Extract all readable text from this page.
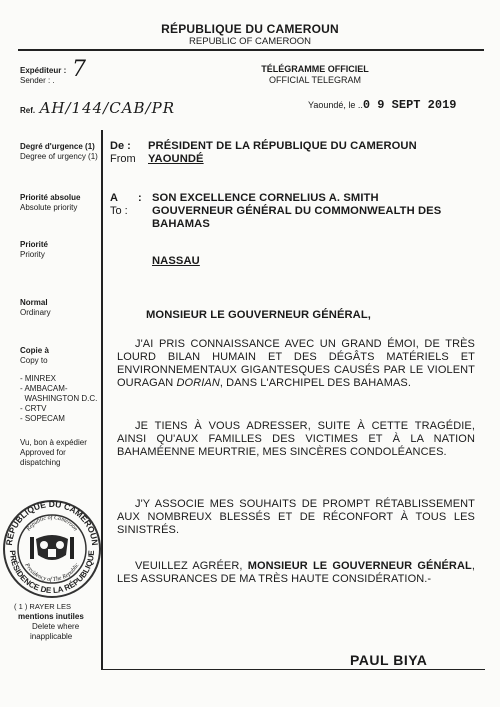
RÉPUBLIQUE DU CAMEROUN
REPUBLIC OF CAMEROON
TÉLÉGRAMME OFFICIEL
OFFICIAL TELEGRAM
Yaoundé, le ..0 9 SEPT 2019
Expéditeur :
Sender : . 7
Ref. AH/144/CAB/PR
Degré d'urgence (1)
Degree of urgency (1)
Priorité absolue
Absolute priority
Priorité
Priority
Normal
Ordinary
Copie à
Copy to
- MINREX
- AMBACAM-
WASHINGTON D.C.
- CRTV
- SOPECAM
Vu, bon à expédier
Approved for
dispatching
RÉPUBLIQUE DU CAMEROUN
PRÉSIDENCE DE LA RÉPUBLIQUE
Republic of Cameroon
Presidency of The Republic
( 1 ) RAYER LES
mentions inutiles
Delete where
inapplicable
De :
From
PRÉSIDENT DE LA RÉPUBLIQUE DU CAMEROUN
YAOUNDÉ
A :
To :
SON EXCELLENCE CORNELIUS A. SMITH
GOUVERNEUR GÉNÉRAL DU COMMONWEALTH DES
BAHAMAS
NASSAU
MONSIEUR LE GOUVERNEUR GÉNÉRAL,
J'AI PRIS CONNAISSANCE AVEC UN GRAND ÉMOI, DE TRÈS LOURD BILAN HUMAIN ET DES DÉGÂTS MATÉRIELS ET ENVIRONNEMENTAUX GIGANTESQUES CAUSÉS PAR LE VIOLENT OURAGAN DORIAN, DANS L'ARCHIPEL DES BAHAMAS.
JE TIENS À VOUS ADRESSER, SUITE À CETTE TRAGÉDIE, AINSI QU'AUX FAMILLES DES VICTIMES ET À LA NATION BAHAMÉENNE MEURTRIE, MES SINCÈRES CONDOLÉANCES.
J'Y ASSOCIE MES SOUHAITS DE PROMPT RÉTABLISSEMENT AUX NOMBREUX BLESSÉS ET DE RÉCONFORT À TOUS LES SINISTRÉS.
VEUILLEZ AGRÉER, MONSIEUR LE GOUVERNEUR GÉNÉRAL, LES ASSURANCES DE MA TRÈS HAUTE CONSIDÉRATION.-
PAUL BIYA
